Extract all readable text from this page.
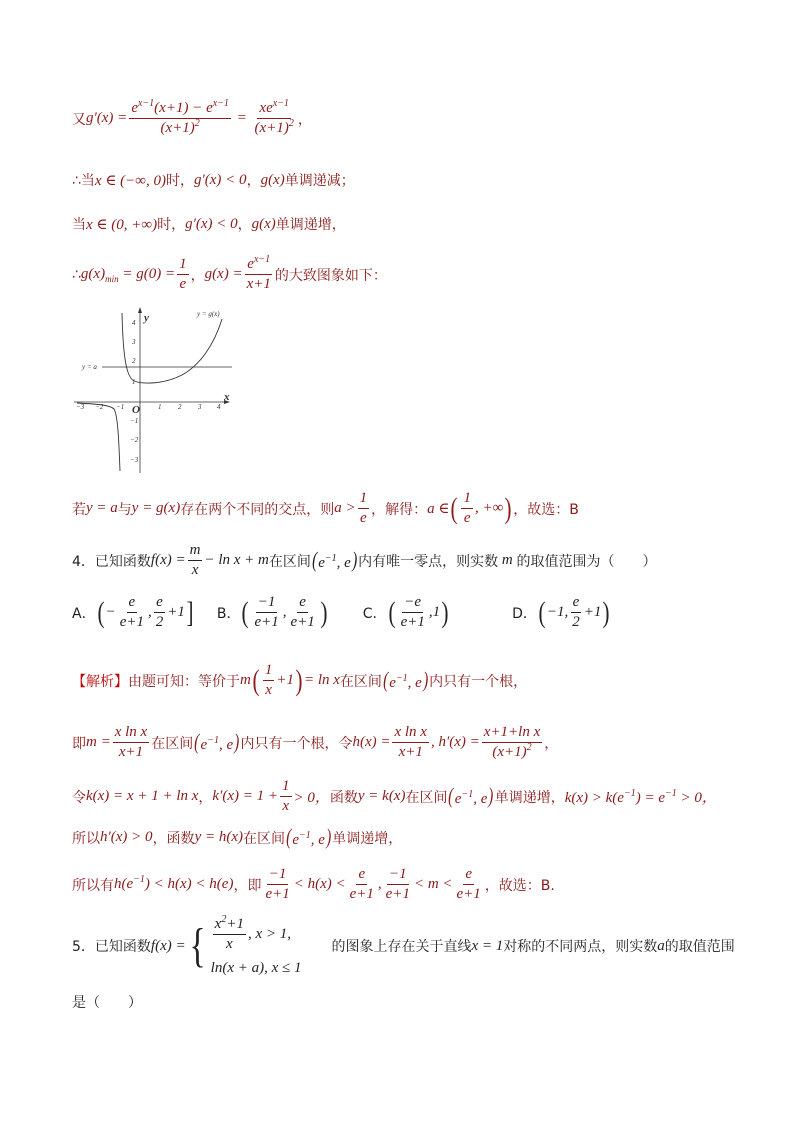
又 $g'(x) = \frac{e^{x-1}(x+1) - e^{x-1}}{(x+1)^2} = \frac{xe^{x-1}}{(x+1)^2}$ ，
∴当 x ∈ (−∞, 0) 时， g′(x) < 0 ， g(x) 单调递减；
当 x ∈ (0, +∞) 时， g′(x) < 0 ， g(x) 单调递增，
∴ $g(x)_{min} = g(0) = \frac{1}{e}$ ， $g(x) = \frac{e^{x-1}}{x+1}$ 的大致图象如下：
−3 −2 −1	1 2 3 4
4
3
2
1
−1
−2
−3
y
x
O
y = a
y = g(x)
若 y = a 与 y = g(x) 存在两个不同的交点，则 $a > \frac{1}{e}$ ，解得： a ∈ ( $\frac{1}{e}$ , +∞ ) ，故选：B
4．已知函数 $f(x) = \frac{m}{x} - \ln x + m$ 在区间 ($e^{-1}$, e) 内有唯一零点，则实数 m 的取值范围为（　　）
A． ( − $\frac{e}{e+1}$ , $\frac{e}{2} +1$ ] B． ( $\frac{-1}{e+1}$ , $\frac{e}{e+1}$ )	C． ( $\frac{-e}{e+1} ,1$ )	D． ( −1, $\frac{e}{2} +1$ )
【解析】 由题可知：等价于 m ( $\frac{1}{x} +1$ ) = ln x 在区间 ($e^{-1}$, e) 内只有一个根，
即 $m = \frac{\text{x ln x}}{x+1}$ 在区间 ($e^{-1}$, e) 内只有一个根，令 $h(x) = \frac{\text{x ln x}}{x+1}$ , $h'(x) = \frac{\text{x+1+ln x}}{(x+1)^2}$ ，
令 k(x) = x + 1 + ln x ， $k'(x) = 1 + \frac{1}{x} > 0$， 函数 y = k(x) 在区间 ($e^{-1}$, e) 单调递增， $k(x) > k(e^{-1}) = e^{-1} > 0$，
所以 h′(x) > 0 ，函数 y = h(x) 在区间 ($e^{-1}$, e) 单调递增，
所以有 $h(e^{-1}) < h(x) < h(e)$ ，即 $\frac{-1}{e+1} < h(x) < \frac{e}{e+1}$ , $\frac{-1}{e+1} < m < \frac{e}{e+1}$ ，故选：B.
5．已知函数 f(x) = { $\frac{x^2+1}{x}$ , x > 1,
ln(x + a), x ≤ 1
的图象上存在关于直线 x = 1 对称的不同两点，则实数 a 的取值范围
是（　　）
